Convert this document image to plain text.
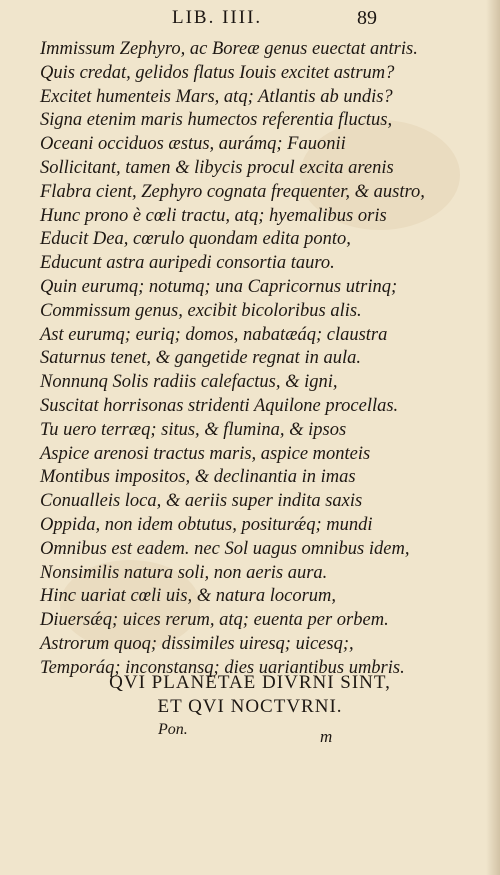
LIB. IIII.	89
Immissum Zephyro, ac Boreæ genus euectat antris.
Quis credat, gelidos flatus Iouis excitet astrum?
Excitet humenteis Mars, atq; Atlantis ab undis?
Signa etenim maris humectos referentia fluctus,
Oceani occiduos æstus, aurámq; Fauonii
Sollicitant, tamen & libycis procul excita arenis
Flabra cient, Zephyro cognata frequenter, & austro,
Hunc prono è cœli tractu, atq; hyemalibus oris
Educit Dea, cœrulo quondam edita ponto,
Educunt astra auripedi consortia tauro.
Quin eurumq; notumq; una Capricornus utrinq;
Commissum genus, excibit bicoloribus alis.
Ast eurumq; euriq; domos, nabatæáq; claustra
Saturnus tenet, & gangetide regnat in aula.
Nonnunq Solis radiis calefactus, & igni,
Suscitat horrisonas stridenti Aquilone procellas.
Tu uero terræq; situs, & flumina, & ipsos
Aspice arenosi tractus maris, aspice monteis
Montibus impositos, & declinantia in imas
Conualleis loca, & aeriis super indita saxis
Oppida, non idem obtutus, positurǽq; mundi
Omnibus est eadem. nec Sol uagus omnibus idem,
Nonsimilis natura soli, non aeris aura.
Hinc uariat cœli uis, & natura locorum,
Diuersǽq; uices rerum, atq; euenta per orbem.
Astrorum quoq; dissimiles uiresq; uicesq;,
Temporáq; inconstansq; dies uariantibus umbris.
QVI PLANETAE DIVRNI SINT,
ET QVI NOCTVRNI.
Pon.	m
